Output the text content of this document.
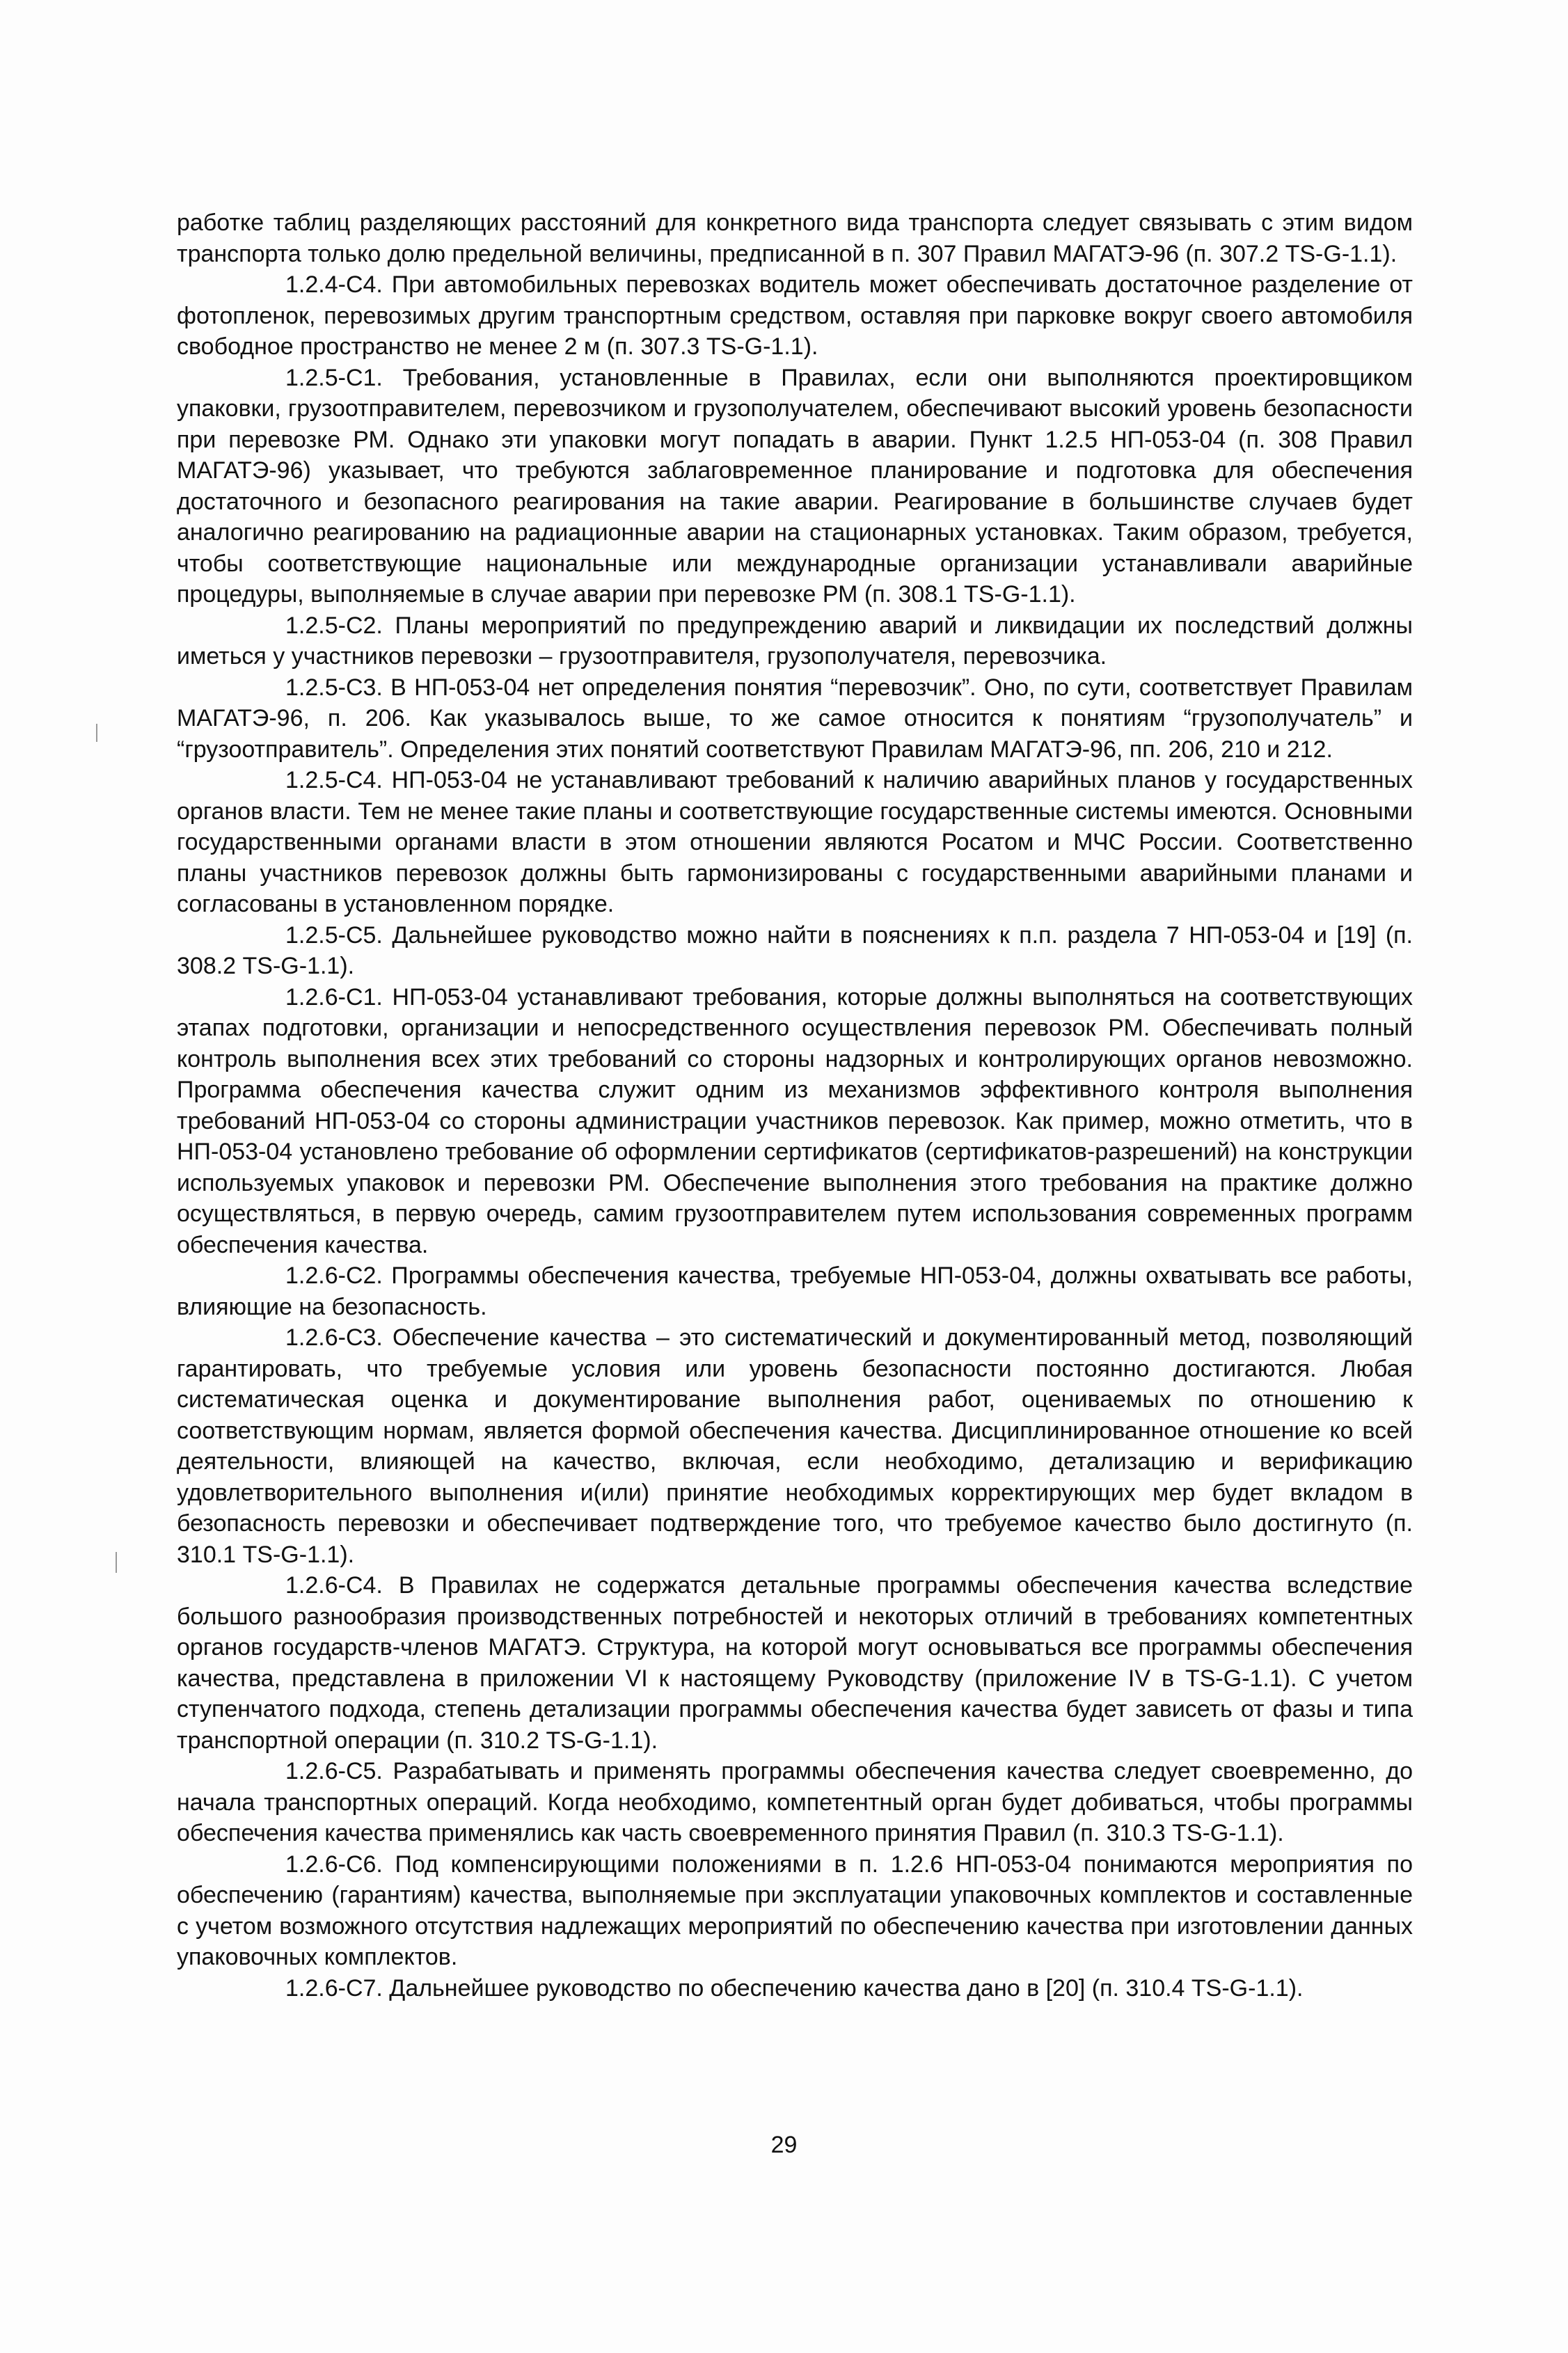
работке таблиц разделяющих расстояний для конкретного вида транспорта следует связывать с этим видом транспорта только долю предельной величины, предписанной в п. 307 Правил МАГАТЭ-96 (п. 307.2 TS-G-1.1).

1.2.4-С4. При автомобильных перевозках водитель может обеспечивать достаточное разделение от фотопленок, перевозимых другим транспортным средством, оставляя при парковке вокруг своего автомобиля свободное пространство не менее 2 м (п. 307.3 TS-G-1.1).

1.2.5-С1. Требования, установленные в Правилах, если они выполняются проектировщиком упаковки, грузоотправителем, перевозчиком и грузополучателем, обеспечивают высокий уровень безопасности при перевозке РМ. Однако эти упаковки могут попадать в аварии. Пункт 1.2.5 НП-053-04 (п. 308 Правил МАГАТЭ-96) указывает, что требуются заблаговременное планирование и подготовка для обеспечения достаточного и безопасного реагирования на такие аварии. Реагирование в большинстве случаев будет аналогично реагированию на радиационные аварии на стационарных установках. Таким образом, требуется, чтобы соответствующие национальные или международные организации устанавливали аварийные процедуры, выполняемые в случае аварии при перевозке РМ (п. 308.1 TS-G-1.1).

1.2.5-С2. Планы мероприятий по предупреждению аварий и ликвидации их последствий должны иметься у участников перевозки – грузоотправителя, грузополучателя, перевозчика.

1.2.5-С3. В НП-053-04 нет определения понятия “перевозчик”. Оно, по сути, соответствует Правилам МАГАТЭ-96, п. 206. Как указывалось выше, то же самое относится к понятиям “грузополучатель” и “грузоотправитель”. Определения этих понятий соответствуют Правилам МАГАТЭ-96, пп. 206, 210 и 212.

1.2.5-С4. НП-053-04 не устанавливают требований к наличию аварийных планов у государственных органов власти. Тем не менее такие планы и соответствующие государственные системы имеются. Основными государственными органами власти в этом отношении являются Росатом и МЧС России. Соответственно планы участников перевозок должны быть гармонизированы с государственными аварийными планами и согласованы в установленном порядке.

1.2.5-С5. Дальнейшее руководство можно найти в пояснениях к п.п. раздела 7 НП-053-04 и [19] (п. 308.2 TS-G-1.1).

1.2.6-С1. НП-053-04 устанавливают требования, которые должны выполняться на соответствующих этапах подготовки, организации и непосредственного осуществления перевозок РМ. Обеспечивать полный контроль выполнения всех этих требований со стороны надзорных и контролирующих органов невозможно. Программа обеспечения качества служит одним из механизмов эффективного контроля выполнения требований НП-053-04 со стороны администрации участников перевозок. Как пример, можно отметить, что в НП-053-04 установлено требование об оформлении сертификатов (сертификатов-разрешений) на конструкции используемых упаковок и перевозки РМ. Обеспечение выполнения этого требования на практике должно осуществляться, в первую очередь, самим грузоотправителем путем использования современных программ обеспечения качества.

1.2.6-С2. Программы обеспечения качества, требуемые НП-053-04, должны охватывать все работы, влияющие на безопасность.

1.2.6-С3. Обеспечение качества – это систематический и документированный метод, позволяющий гарантировать, что требуемые условия или уровень безопасности постоянно достигаются. Любая систематическая оценка и документирование выполнения работ, оцениваемых по отношению к соответствующим нормам, является формой обеспечения качества. Дисциплинированное отношение ко всей деятельности, влияющей на качество, включая, если необходимо, детализацию и верификацию удовлетворительного выполнения и(или) принятие необходимых корректирующих мер будет вкладом в безопасность перевозки и обеспечивает подтверждение того, что требуемое качество было достигнуто (п. 310.1 TS-G-1.1).

1.2.6-С4. В Правилах не содержатся детальные программы обеспечения качества вследствие большого разнообразия производственных потребностей и некоторых отличий в требованиях компетентных органов государств-членов МАГАТЭ. Структура, на которой могут основываться все программы обеспечения качества, представлена в приложении VI к настоящему Руководству (приложение IV в TS-G-1.1). С учетом ступенчатого подхода, степень детализации программы обеспечения качества будет зависеть от фазы и типа транспортной операции (п. 310.2 TS-G-1.1).

1.2.6-С5. Разрабатывать и применять программы обеспечения качества следует своевременно, до начала транспортных операций. Когда необходимо, компетентный орган будет добиваться, чтобы программы обеспечения качества применялись как часть своевременного принятия Правил (п. 310.3 TS-G-1.1).

1.2.6-С6. Под компенсирующими положениями в п. 1.2.6 НП-053-04 понимаются мероприятия по обеспечению (гарантиям) качества, выполняемые при эксплуатации упаковочных комплектов и составленные с учетом возможного отсутствия надлежащих мероприятий по обеспечению качества при изготовлении данных упаковочных комплектов.

1.2.6-С7. Дальнейшее руководство по обеспечению качества дано в [20] (п. 310.4 TS-G-1.1).

29
